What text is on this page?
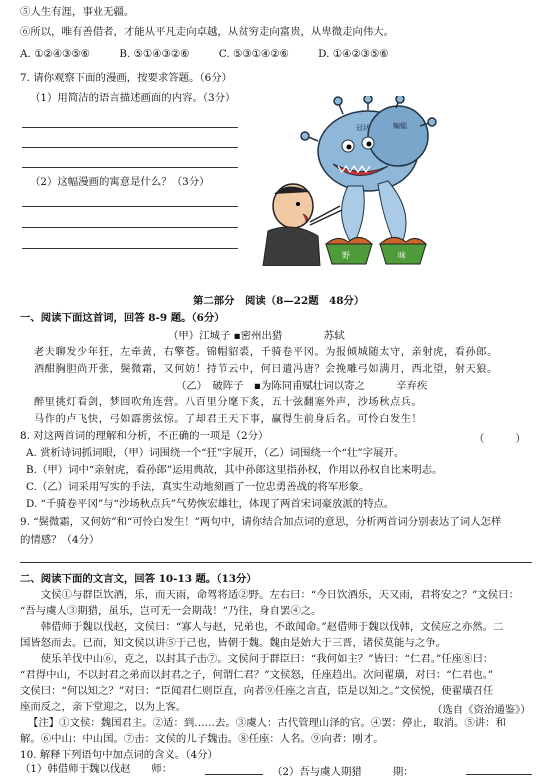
⑤人生有涯，事业无疆。
⑥所以，唯有善借者，才能从平凡走向卓越，从贫穷走向富贵，从卑微走向伟大。
A. ①②④③⑤⑥	B. ⑤①④③②⑥	C. ⑤③①④②⑥	D. ①④②③⑤⑥
7. 请你观察下面的漫画，按要求答题。（6分）
（1）用简洁的语言描述画面的内容。（3分）
（2）这幅漫画的寓意是什么？（3分）
冠状	蝙蝠
野	味
第二部分　阅读（8—22题　48分）
一、阅读下面这首词，回答 8-9 题。（6分）
（甲）江城子 ▪密州出猎　　　　苏轼
老夫聊发少年狂，左牵黄，右擎苍。锦帽貂裘，千骑卷平冈。为报倾城随太守，亲射虎，看孙郎。
酒酣胸胆尚开张，鬓微霜，又何妨！持节云中，何日遣冯唐？会挽雕弓如满月，西北望，射天狼。
（乙）　破阵子　▪为陈同甫赋壮词以寄之　　　辛弃疾
醉里挑灯看剑，梦回吹角连营。八百里分麾下炙，五十弦翻塞外声，沙场秋点兵。
马作的卢飞快，弓如霹雳弦惊。了却君王天下事，赢得生前身后名。可怜白发生！
8. 对这两首词的理解和分析，不正确的一项是（2分）	（　　　）
A. 赏析诗词抓词眼，（甲）词围绕一个“狂”字展开，（乙）词围绕一个“壮”字展开。
B.（甲）词中“亲射虎，看孙郎”运用典故，其中孙郎这里指孙权，作用以孙权自比来明志。
C.（乙）词采用写实的手法，真实生动地刻画了一位忠勇善战的将军形象。
D. “千骑卷平冈”与“沙场秋点兵”气势恢宏雄壮，体现了两首宋词豪放派的特点。
9. “鬓微霜，又何妨”和“可怜白发生！”两句中，请你结合加点词的意思，分析两首词分别表达了词人怎样
的情感？（4分）
二、阅读下面的文言文，回答 10-13 题。（13分）
　　文侯①与群臣饮酒，乐，而天雨，命驾将适②野。左右曰：“今日饮酒乐，天又雨，君将安之？”文侯曰：
“吾与虞人③期猎，虽乐，岂可无一会期哉！”乃往，身自罢④之。
　　韩借师于魏以伐赵，文侯曰：“寡人与赵，兄弟也，不敢闻命。”赵借师于魏以伐韩，文侯应之亦然。二
国皆怒而去。已而，知文侯以讲⑤于己也，皆朝于魏。魏由是始大于三晋，诸侯莫能与之争。
　　使乐羊伐中山⑥，克之，以封其子击⑦。文侯问于群臣曰：“我何如主？”皆曰：“仁君。”任座⑧曰：
“君得中山，不以封君之弟而以封君之子，何谓仁君？”文侯怒，任座趋出。次问翟璜，对曰：“仁君也。”
文侯曰：“何以知之？”对曰：“臣闻君仁则臣直，向者⑨任座之言直，臣是以知之。”文侯悦，使翟璜召任
座而反之，亲下堂迎之，以为上客。	（选自《资治通鉴》）
【注】①文侯：魏国君主。②适：到……去。③虞人：古代管理山泽的官。④罢：停止，取消。⑤讲：和
解。⑥中山：中山国。⑦击：文侯的儿子魏击。⑧任座：人名。⑨向者：刚才。
10. 解释下列语句中加点词的含义。（4分）
（1）韩借师于魏以伐赵　　师：	（2）吾与虞人期猎　　　期：
